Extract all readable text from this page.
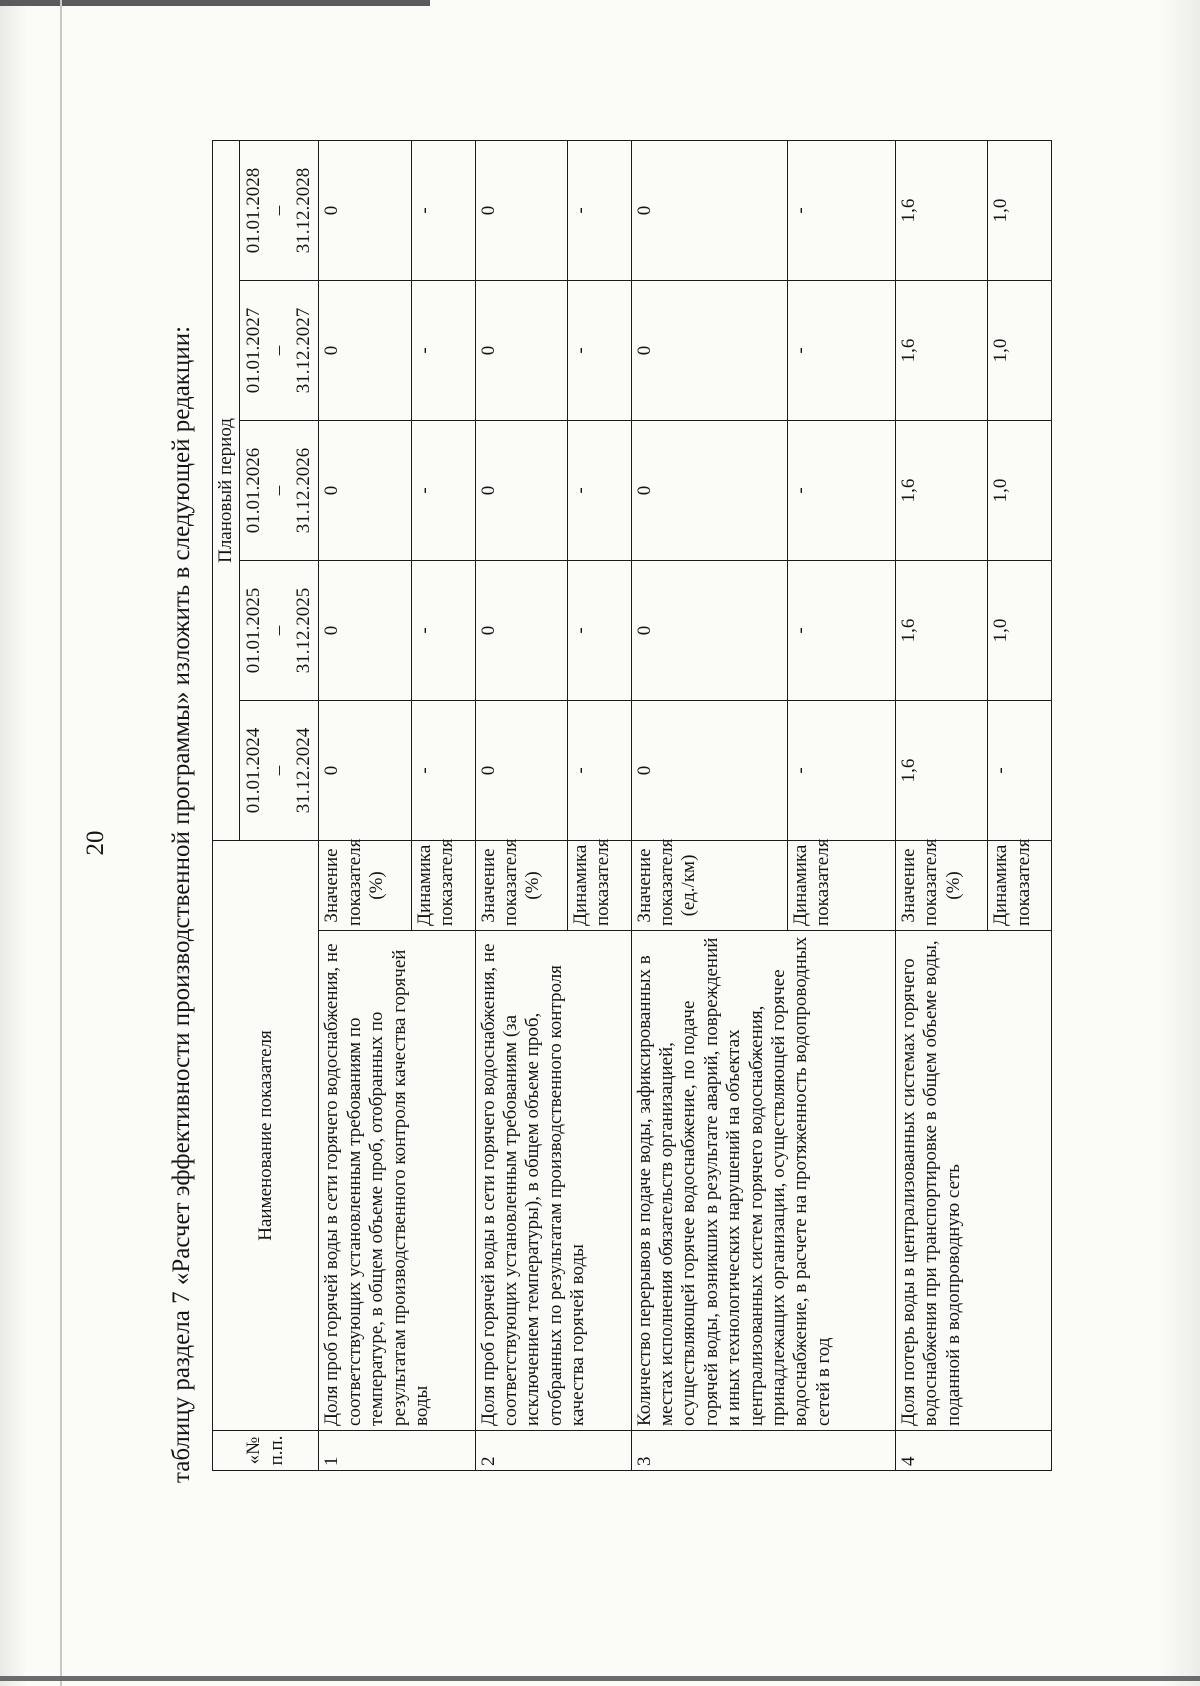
20 таблицу раздела 7 «Расчет эффективности производственной программы» изложить в следующей редакции:	«№ п.п.	Наименование показателя		Плановый период				

			01.01.2024 – 31.12.2024	01.01.2025 – 31.12.2025	01.01.2026 – 31.12.2026	01.01.2027 – 31.12.2027	01.01.2028 – 31.12.2028

1	Доля проб горячей воды в сети горячего водоснабжения, не соответствующих установленным требованиям по температуре, в общем объеме проб, отобранных по результатам производственного контроля качества горячей воды	Значение показателя (%)	0	0	0	0	0
		Динамика показателя	-	-	-	-	-
2	Доля проб горячей воды в сети горячего водоснабжения, не соответствующих установленным требованиям (за исключением температуры), в общем объеме проб, отобранных по результатам производственного контроля качества горячей воды	Значение показателя (%)	0	0	0	0	0
		Динамика показателя	-	-	-	-	-
3	Количество перерывов в подаче воды, зафиксированных в местах исполнения обязательств организацией, осуществляющей горячее водоснабжение, по подаче горячей воды, возникших в результате аварий, повреждений и иных технологических нарушений на объектах централизованных систем горячего водоснабжения, принадлежащих организации, осуществляющей горячее водоснабжение, в расчете на протяженность водопроводных сетей в год	Значение показателя (ед./км)	0	0	0	0	0
		Динамика показателя	-	-	-	-	-
4	Доля потерь воды в централизованных системах горячего водоснабжения при транспортировке в общем объеме воды, поданной в водопроводную сеть	Значение показателя (%)	1,6	1,6	1,6	1,6	1,6
		Динамика показателя	-	1,0	1,0	1,0	1,0
